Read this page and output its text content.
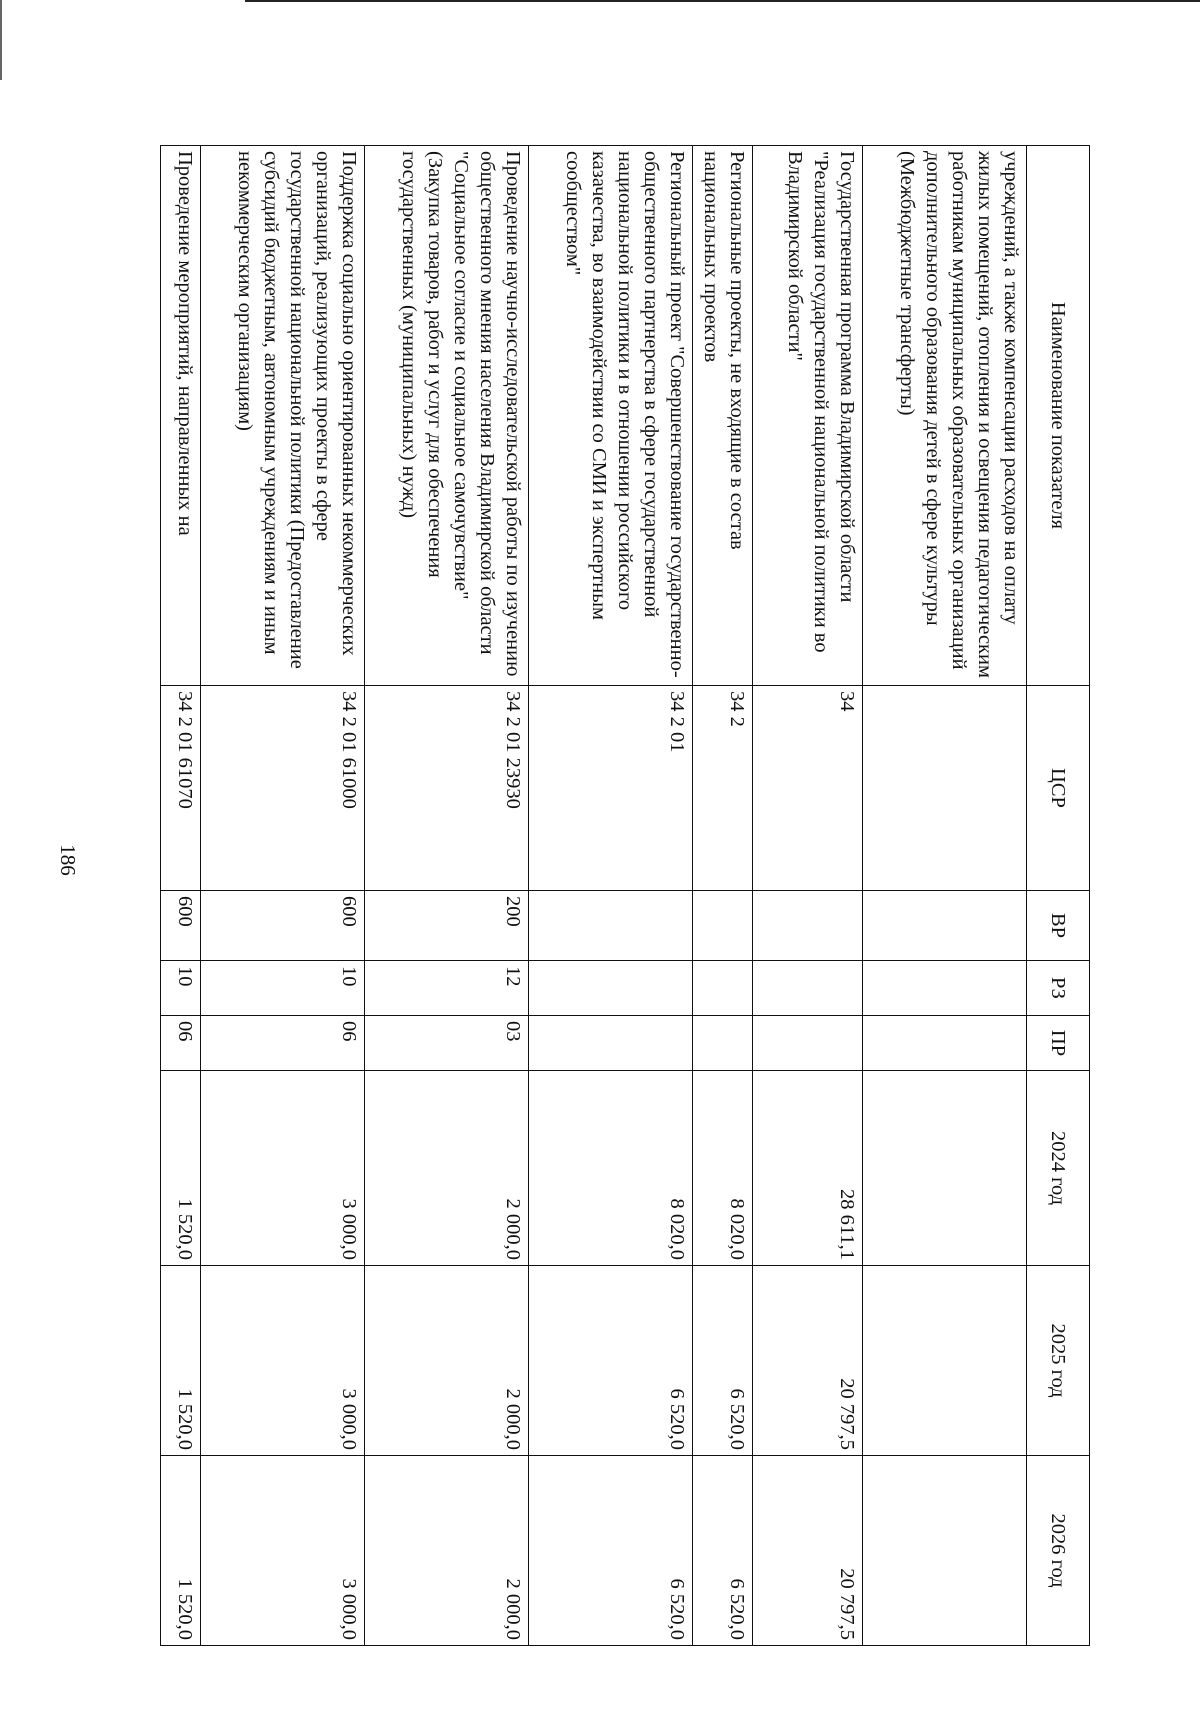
186
Наименование показателя	ЦСР	ВР	РЗ	ПР	2024 год	2025 год	2026 год
учреждений, а также компенсации расходов на оплату жилых помещений, отопления и освещения педагогическим работникам муниципальных образовательных организаций дополнительного образования детей в сфере культуры (Межбюджетные трансферты)							
Государственная программа Владимирской области "Реализация государственной национальной политики во Владимирской области"	34				28 611,1	20 797,5	20 797,5
Региональные проекты, не входящие в состав национальных проектов	34 2				8 020,0	6 520,0	6 520,0
Региональный проект "Совершенствование государственно-общественного партнерства в сфере государственной национальной политики и в отношении российского казачества, во взаимодействии со СМИ и экспертным сообществом"	34 2 01				8 020,0	6 520,0	6 520,0
Проведение научно-исследовательской работы по изучению общественного мнения населения Владимирской области "Социальное согласие и социальное самочувствие" (Закупка товаров, работ и услуг для обеспечения государственных (муниципальных) нужд)	34 2 01 23930	200	12	03	2 000,0	2 000,0	2 000,0
Поддержка социально ориентированных некоммерческих организаций, реализующих проекты в сфере государственной национальной политики (Предоставление субсидий бюджетным, автономным учреждениям и иным некоммерческим организациям)	34 2 01 61000	600	10	06	3 000,0	3 000,0	3 000,0
Проведение мероприятий, направленных на	34 2 01 61070	600	10	06	1 520,0	1 520,0	1 520,0
